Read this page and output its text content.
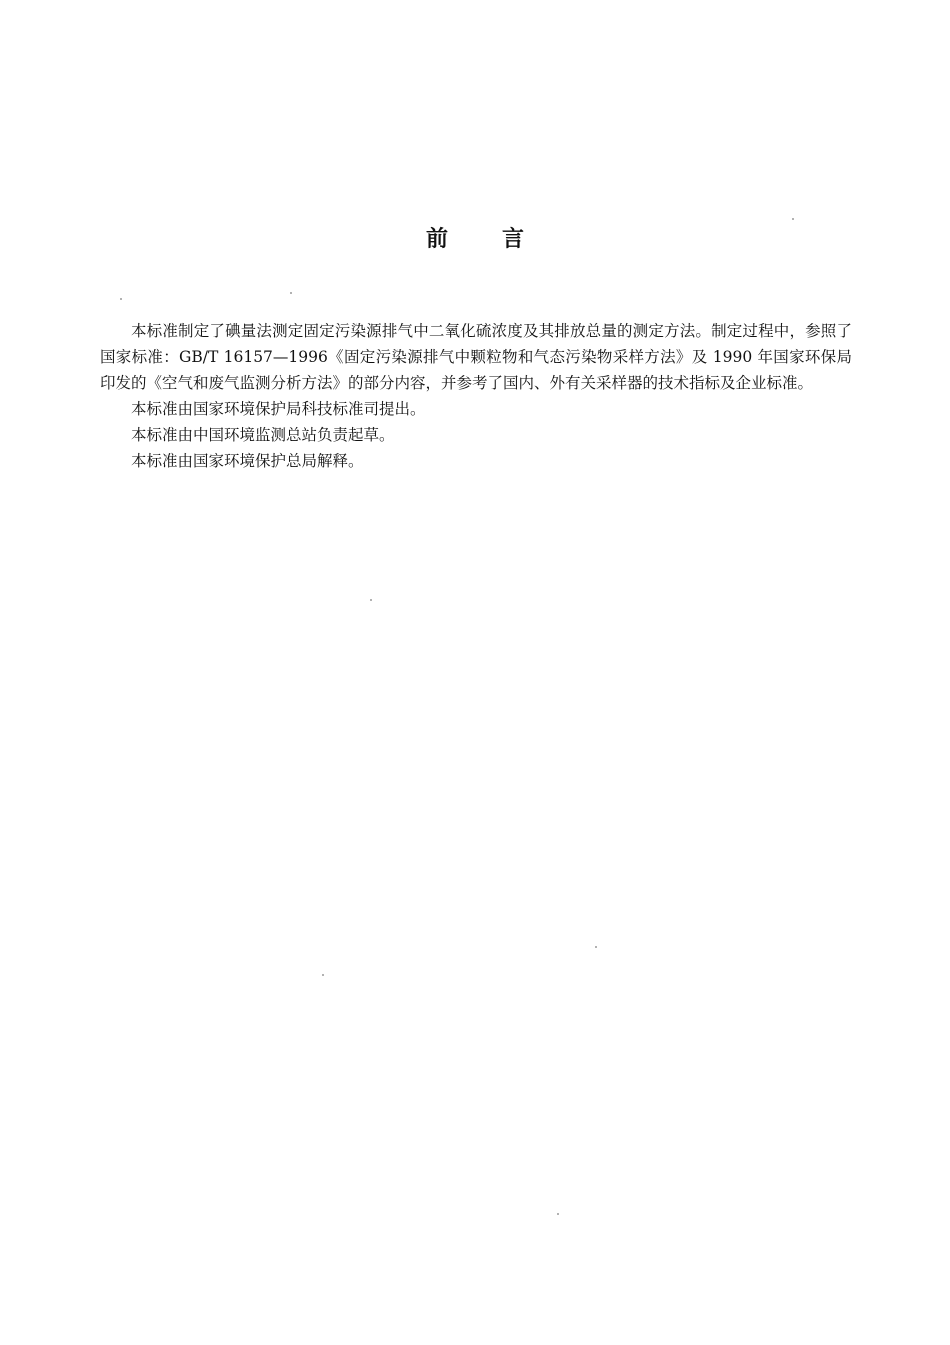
前言

本标准制定了碘量法测定固定污染源排气中二氧化硫浓度及其排放总量的测定方法。制定过程中，参照了国家标准：GB/T 16157—1996《固定污染源排气中颗粒物和气态污染物采样方法》及 1990 年国家环保局印发的《空气和废气监测分析方法》的部分内容，并参考了国内、外有关采样器的技术指标及企业标准。

本标准由国家环境保护局科技标准司提出。

本标准由中国环境监测总站负责起草。

本标准由国家环境保护总局解释。
